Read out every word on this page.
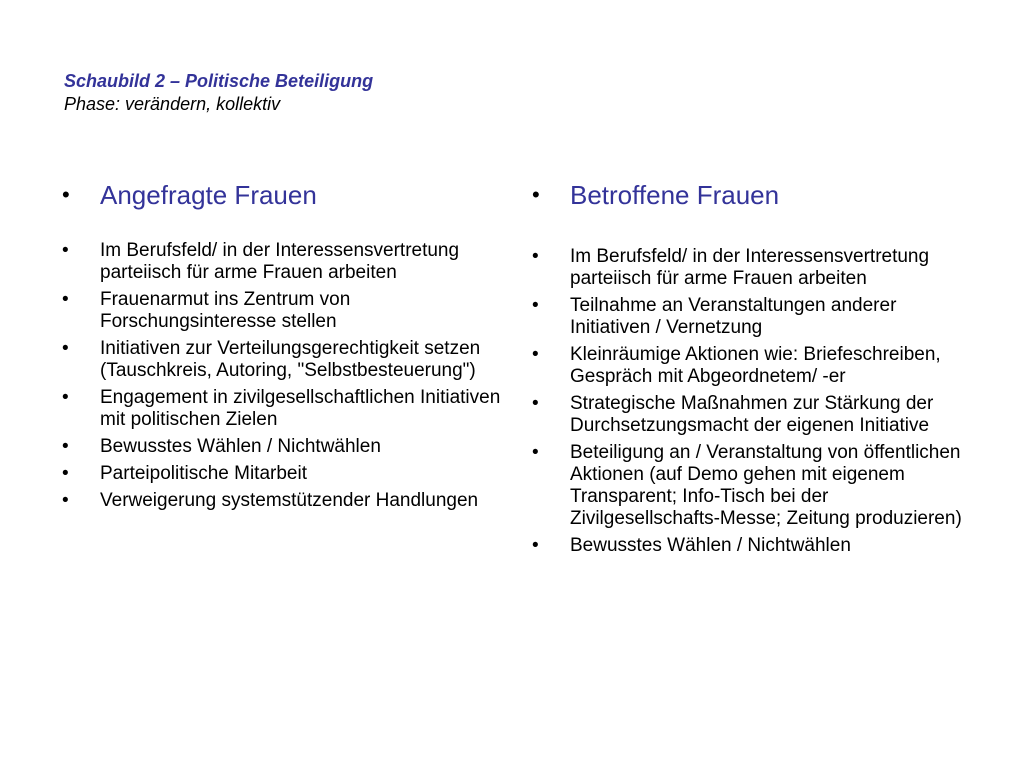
Schaubild 2 – Politische Beteiligung
Phase: verändern, kollektiv
•	Angefragte Frauen
•	Im Berufsfeld/ in der Interessensvertretung parteiisch für arme Frauen arbeiten
•	Frauenarmut ins Zentrum von Forschungsinteresse stellen
•	Initiativen zur Verteilungsgerechtigkeit setzen (Tauschkreis, Autoring, "Selbstbesteuerung")
•	Engagement in zivilgesellschaftlichen Initiativen mit politischen Zielen
•	Bewusstes Wählen / Nichtwählen
•	Parteipolitische Mitarbeit
•	Verweigerung systemstützender Handlungen
•	Betroffene Frauen
•	Im Berufsfeld/ in der Interessensvertretung parteiisch für arme Frauen arbeiten
•	Teilnahme an Veranstaltungen anderer Initiativen / Vernetzung
•	Kleinräumige Aktionen wie: Briefeschreiben, Gespräch mit Abgeordnetem/ -er
•	Strategische Maßnahmen zur Stärkung der Durchsetzungsmacht der eigenen Initiative
•	Beteiligung an / Veranstaltung von öffentlichen Aktionen (auf Demo gehen mit eigenem Transparent; Info-Tisch bei der Zivilgesellschafts-Messe; Zeitung produzieren)
•	Bewusstes Wählen / Nichtwählen
